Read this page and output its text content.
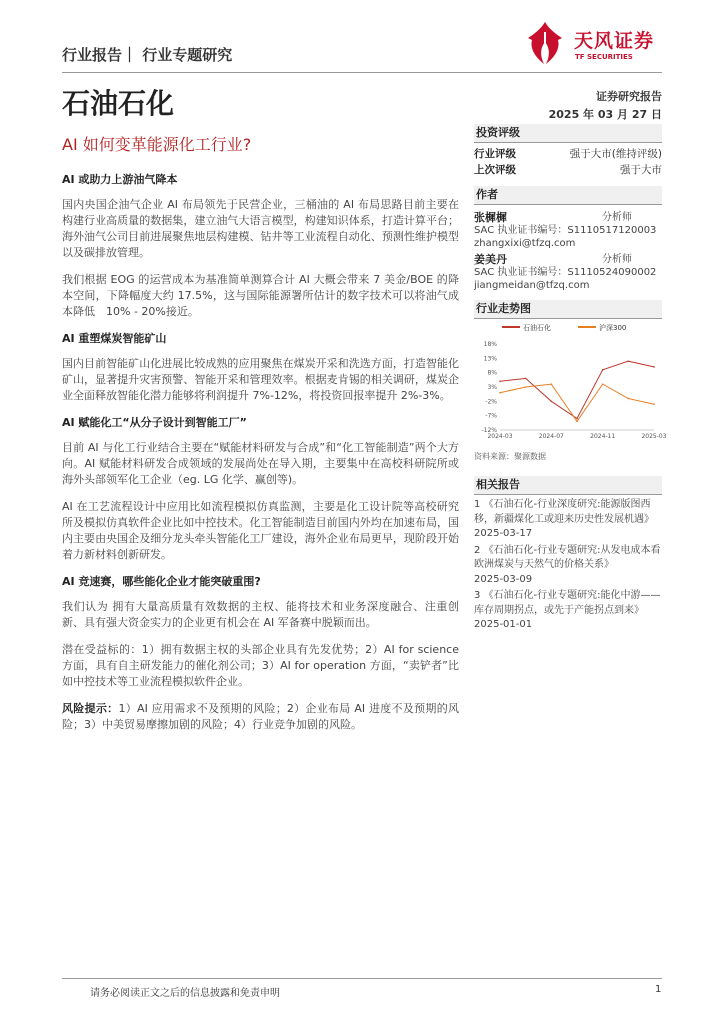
行业报告｜ 行业专题研究
石油石化
AI 如何变革能源化工行业?
天风证券
TF SECURITIES
证券研究报告
2025 年 03 月 27 日
AI 或助力上游油气降本

国内央国企油气企业 AI 布局领先于民营企业，三桶油的 AI 布局思路目前主要在构建行业高质量的数据集，建立油气大语言模型，构建知识体系，打造计算平台；海外油气公司目前进展聚焦地层构建模、钻井等工业流程自动化、预测性维护模型以及碳排放管理。

我们根据 EOG 的运营成本为基准简单测算合计 AI 大概会带来 7 美金/BOE 的降本空间，下降幅度大约 17.5%，这与国际能源署所估计的数字技术可以将油气成本降低　10% - 20%接近。

AI 重塑煤炭智能矿山

国内目前智能矿山化进展比较成熟的应用聚焦在煤炭开采和洗选方面，打造智能化矿山，显著提升灾害预警、智能开采和管理效率。根据麦肯锡的相关调研，煤炭企业全面释放智能化潜力能够将利润提升 7%-12%，将投资回报率提升 2%-3%。

AI 赋能化工“从分子设计到智能工厂”

目前 AI 与化工行业结合主要在“赋能材料研发与合成”和“化工智能制造”两个大方向。AI 赋能材料研发合成领域的发展尚处在导入期，主要集中在高校科研院所或海外头部领军化工企业（eg. LG 化学、赢创等)。

AI 在工艺流程设计中应用比如流程模拟仿真监测，主要是化工设计院等高校研究所及模拟仿真软件企业比如中控技术。化工智能制造目前国内外均在加速布局，国内主要由央国企及细分龙头牵头智能化工厂建设，海外企业布局更早，现阶段开始着力新材料创新研发。

AI 竞速赛，哪些能化企业才能突破重围?

我们认为 拥有大量高质量有效数据的主权、能将技术和业务深度融合、注重创新、具有强大资金实力的企业更有机会在 AI 军备赛中脱颖而出。

潜在受益标的：1）拥有数据主权的头部企业具有先发优势；2）AI for science 方面，具有自主研发能力的催化剂公司；3）AI for operation 方面，“卖铲者”比如中控技术等工业流程模拟软件企业。

风险提示：1）AI 应用需求不及预期的风险；2）企业布局 AI 进度不及预期的风险；3）中美贸易摩擦加剧的风险；4）行业竞争加剧的风险。

投资评级
行业评级	强于大市(维持评级)
上次评级	强于大市
作者
张樨樨	分析师
SAC 执业证书编号：S1110517120003
zhangxixi@tfzq.com
姜美丹	分析师
SAC 执业证书编号：S1110524090002
jiangmeidan@tfzq.com
行业走势图
石油石化	沪深300
-12%
-7%
-2%
3%
8%
13%
18%
2024-03	2024-07	2024-11	2025-03
资料来源：聚源数据
相关报告
1 《石油石化-行业深度研究:能源版图西移，新疆煤化工或迎来历史性发展机遇》 2025-03-17
2 《石油石化-行业专题研究:从发电成本看欧洲煤炭与天然气的价格关系》
2025-03-09
3 《石油石化-行业专题研究:能化中游——库存周期拐点，或先于产能拐点到来》 2025-01-01
请务必阅读正文之后的信息披露和免责申明	1
